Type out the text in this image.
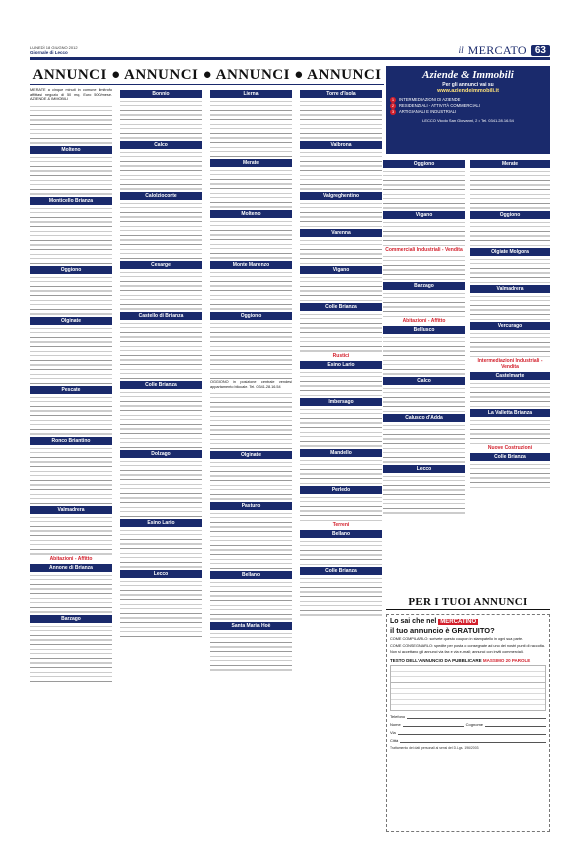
LUNEDÌ 18 GIUGNO 2012
Giornale di Lecco	il MERCATO 63
ANNUNCI ● ANNUNCI ● ANNUNCI ● ANNUNCI
MERATE a cinque minuti in comune limitrofo affittasi negozio di 50 mq. Euro 500/mese. AZIENDE & IMMOBILI
Molteno
Monticello Brianza
Oggiono
Olginate
Pescate
Ronco Briantino
Valmadrera
Abitazioni - Affitto
Annone di Brianza
Barzago
Bonnio
Calco
Calolziocorte
Cesarge
Castello di Brianza
Colle Brianza
Dolzago
Esino Lario
Lecco
Lierna
Merate
Molteno
Monte Marenzo
Oggiono
OGGIONO in posizione centrale vendesi appartamento bilocale. Tel. 0341.28.16.54
Olginate
Pasturo
Bellano
Santa Maria Hoè
Torre d'Isola
Valbrona
Valgreghentino
Varenna
Vigano
Colle Brianza
Rustici
Esino Lario
Imbersago
Mandello
Perledo
Terreni
Bellano
Colle Brianza
Aziende & Immobili
Per gli annunci vai su
www.aziendeimmobili.it
1	INTERMEDIAZIONI DI AZIENDE
2	RESIDENZIALI - ATTIVITÀ COMMERCIALI
3	ARTIGIANALI E INDUSTRIALI
LECCO Vicolo San Giovanni, 2 • Tel. 0341.28.16.54
Oggiono
Vigano
Commerciali Industriali - Vendita
Barzago
Abitazioni - Affitto
Bellusco
Calco
Calusco d'Adda
Lecco
Merate
Oggiono
Olgiate Molgora
Valmadrera
Vercurago
Intermediazioni Industriali - Vendita
Castelmarte
La Valletta Brianza
Nuove Costruzioni
Colle Brianza
PER I TUOI ANNUNCI
Lo sai che nel MERCATINO
il tuo annuncio è GRATUITO?

COME COMPILARLO: scrivete questo coupon in stampatello in ogni sua parte.

COME CONSEGNARLO: spedite per posta o consegnate ad uno dei nostri punti di raccolta.

Non si accettano gli annunci via fax e via e-mail; annunci con inviti commerciali.

TESTO DELL'ANNUNCIO DA PUBBLICARE MASSIMO 20 PAROLE
Telefono
Nome	Cognome
Via
Città
Trattamento dei dati personali ai sensi del D.Lgs. 196/2003
